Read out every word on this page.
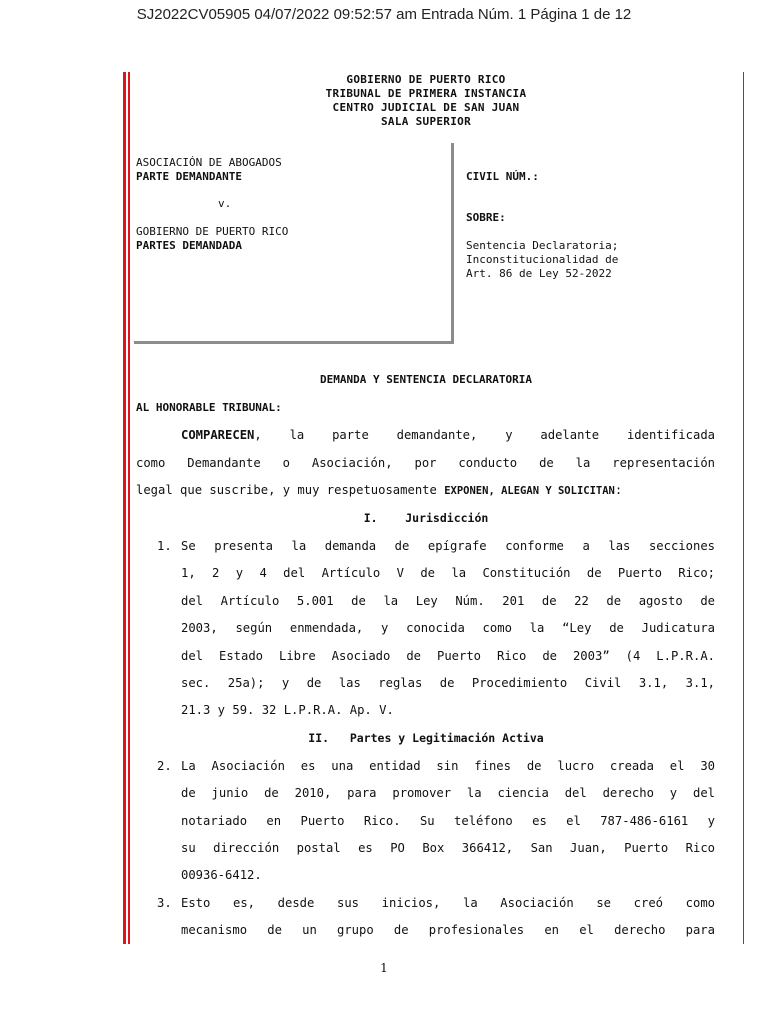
SJ2022CV05905 04/07/2022 09:52:57 am Entrada Núm. 1 Página 1 de 12
GOBIERNO DE PUERTO RICO
TRIBUNAL DE PRIMERA INSTANCIA
CENTRO JUDICIAL DE SAN JUAN
SALA SUPERIOR
ASOCIACIÓN DE ABOGADOS
PARTE DEMANDANTE
v.
GOBIERNO DE PUERTO RICO
PARTES DEMANDADA
CIVIL NÚM.:
SOBRE:
Sentencia Declaratoria;
Inconstitucionalidad de
Art. 86 de Ley 52-2022
DEMANDA Y SENTENCIA DECLARATORIA
AL HONORABLE TRIBUNAL:
COMPARECEN, la parte demandante, y adelante identificada
como Demandante o Asociación, por conducto de la representación
legal que suscribe, y muy respetuosamente EXPONEN, ALEGAN Y SOLICITAN:
I.    Jurisdicción
1. Se presenta la demanda de epígrafe conforme a las secciones
1, 2 y 4 del Artículo V de la Constitución de Puerto Rico;
del Artículo 5.001 de la Ley Núm. 201 de 22 de agosto de
2003, según enmendada, y conocida como la “Ley de Judicatura
del Estado Libre Asociado de Puerto Rico de 2003” (4 L.P.R.A.
sec. 25a); y de las reglas de Procedimiento Civil 3.1, 3.1,
21.3 y 59. 32 L.P.R.A. Ap. V.
II.   Partes y Legitimación Activa
2. La Asociación es una entidad sin fines de lucro creada el 30
de junio de 2010, para promover la ciencia del derecho y del
notariado en Puerto Rico. Su teléfono es el 787-486-6161 y
su dirección postal es PO Box 366412, San Juan, Puerto Rico
00936-6412.
3. Esto es, desde sus inicios, la Asociación se creó como
mecanismo de un grupo de profesionales en el derecho para
1
